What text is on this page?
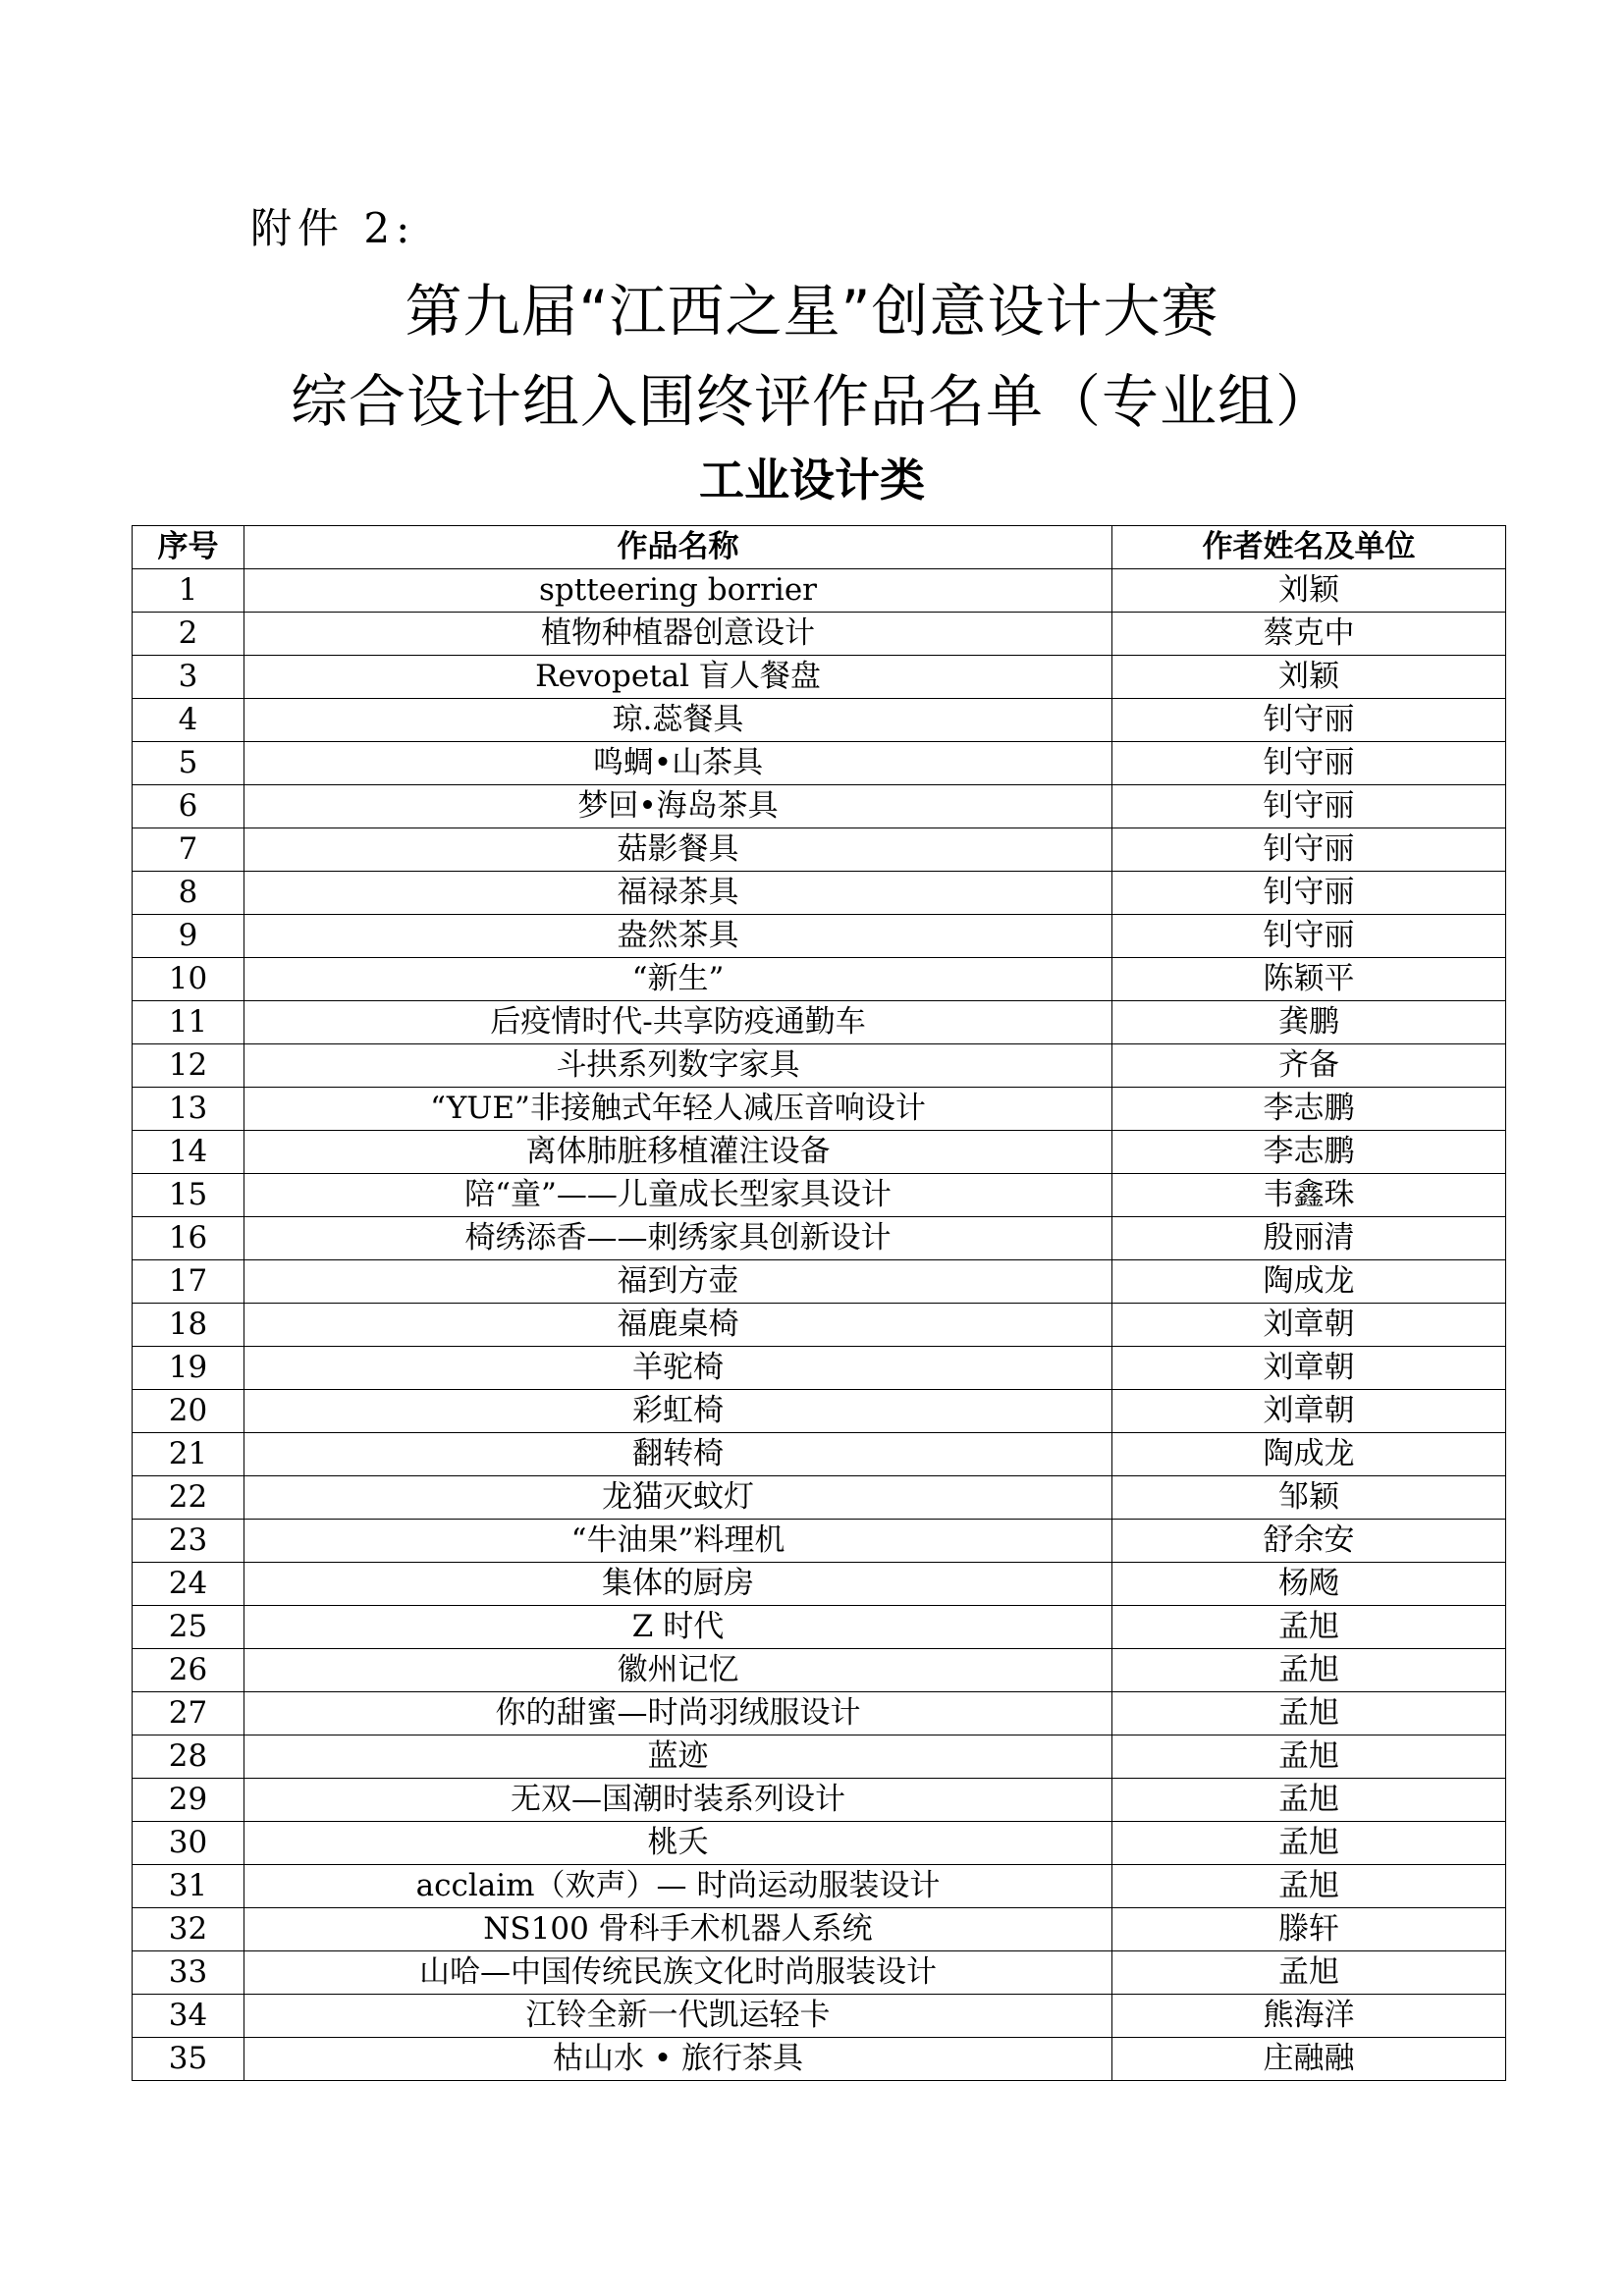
附件 2:
第九届“江西之星”创意设计大赛
综合设计组入围终评作品名单（专业组）
工业设计类
序号	作品名称	作者姓名及单位
1	sptteering borrier	刘颖
2	植物种植器创意设计	蔡克中
3	Revopetal 盲人餐盘	刘颖
4	琼.蕊餐具	钊守丽
5	鸣蜩•山茶具	钊守丽
6	梦回•海岛茶具	钊守丽
7	菇影餐具	钊守丽
8	福禄茶具	钊守丽
9	盎然茶具	钊守丽
10	“新生”	陈颖平
11	后疫情时代-共享防疫通勤车	龚鹏
12	斗拱系列数字家具	齐备
13	“YUE”非接触式年轻人减压音响设计	李志鹏
14	离体肺脏移植灌注设备	李志鹏
15	陪“童”——儿童成长型家具设计	韦鑫珠
16	椅绣添香——刺绣家具创新设计	殷丽清
17	福到方壶	陶成龙
18	福鹿桌椅	刘章朝
19	羊驼椅	刘章朝
20	彩虹椅	刘章朝
21	翻转椅	陶成龙
22	龙猫灭蚊灯	邹颖
23	“牛油果”料理机	舒余安
24	集体的厨房	杨飏
25	Z 时代	孟旭
26	徽州记忆	孟旭
27	你的甜蜜—时尚羽绒服设计	孟旭
28	蓝迹	孟旭
29	无双—国潮时装系列设计	孟旭
30	桃夭	孟旭
31	acclaim（欢声）— 时尚运动服装设计	孟旭
32	NS100 骨科手术机器人系统	滕轩
33	山哈—中国传统民族文化时尚服装设计	孟旭
34	江铃全新一代凯运轻卡	熊海洋
35	枯山水 • 旅行茶具	庄融融
